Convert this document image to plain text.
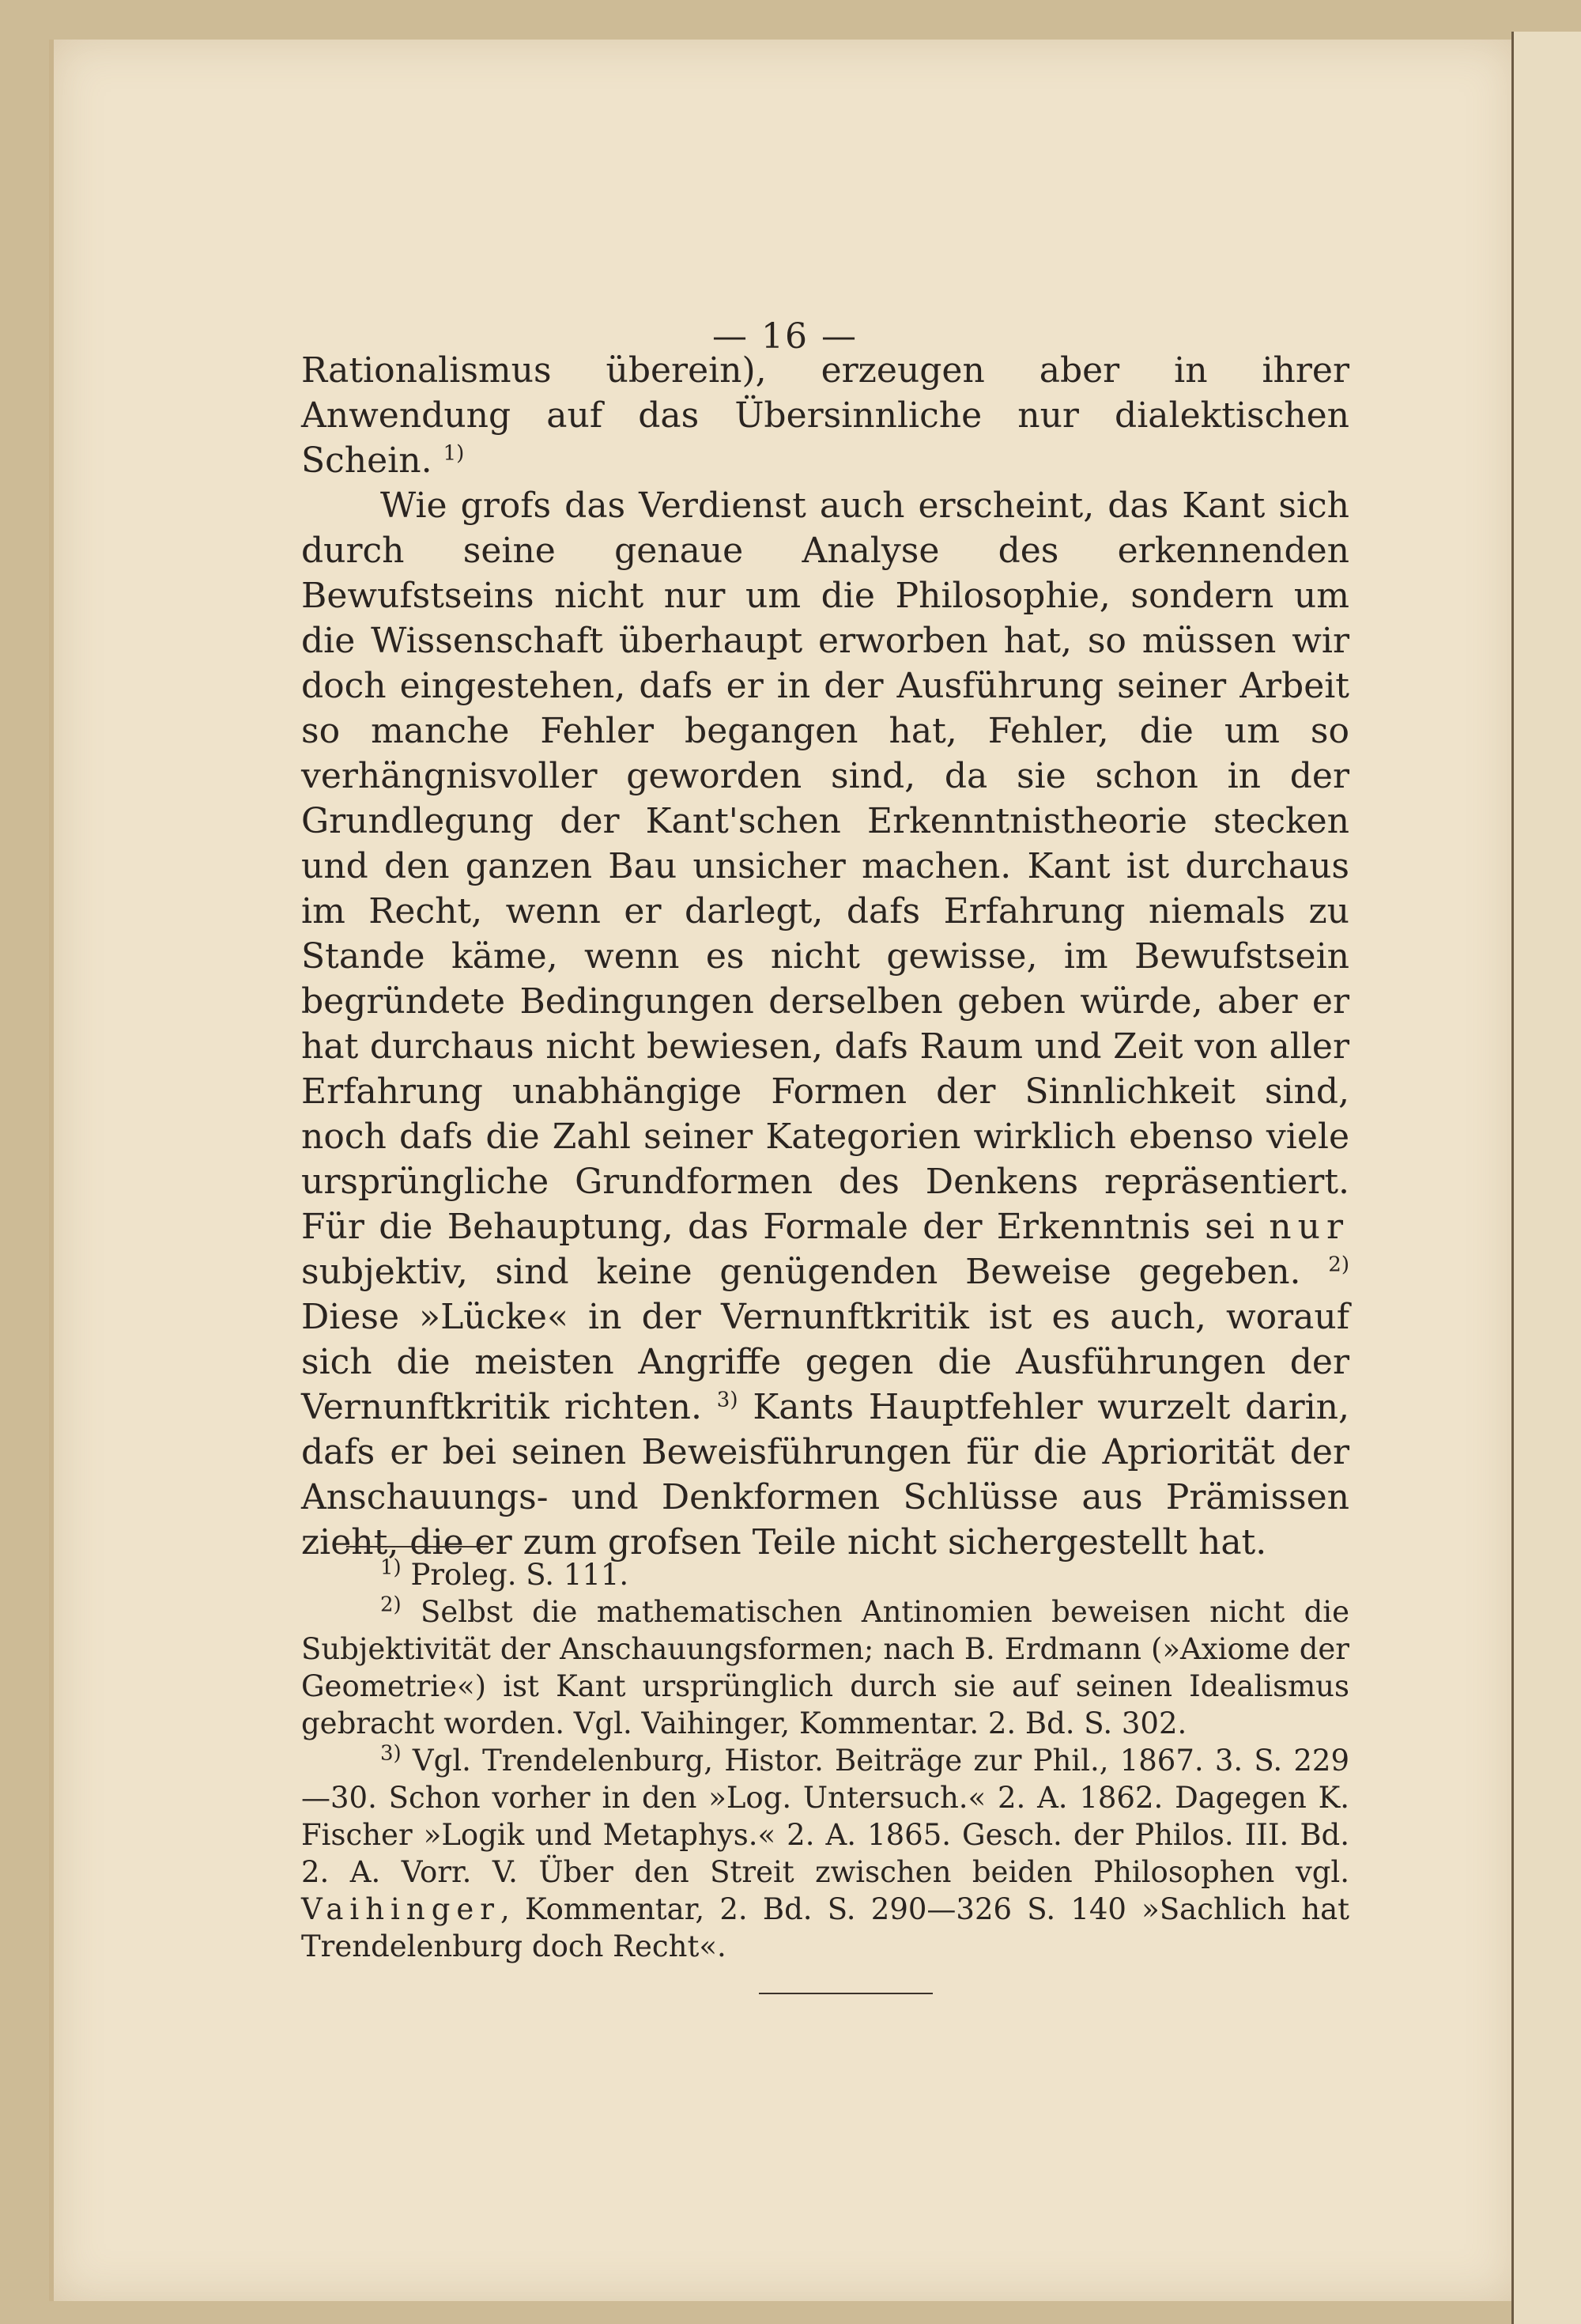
— 16 —

Rationalismus überein), erzeugen aber in ihrer Anwendung auf das Übersinnliche nur dialektischen Schein. $^{1)}$

Wie grofs das Verdienst auch erscheint, das Kant sich durch seine genaue Analyse des erkennenden Bewufstseins nicht nur um die Philosophie, sondern um die Wissenschaft überhaupt erworben hat, so müssen wir doch eingestehen, dafs er in der Ausführung seiner Arbeit so manche Fehler begangen hat, Fehler, die um so verhängnisvoller geworden sind, da sie schon in der Grundlegung der Kant'schen Erkenntnistheorie stecken und den ganzen Bau unsicher machen. Kant ist durchaus im Recht, wenn er darlegt, dafs Erfahrung niemals zu Stande käme, wenn es nicht gewisse, im Bewufstsein begründete Bedingungen derselben geben würde, aber er hat durchaus nicht bewiesen, dafs Raum und Zeit von aller Erfahrung unabhängige Formen der Sinnlichkeit sind, noch dafs die Zahl seiner Kategorien wirklich ebenso viele ursprüngliche Grundformen des Denkens repräsentiert. Für die Behauptung, das Formale der Erkenntnis sei nur subjektiv, sind keine genügenden Beweise gegeben. $^{2)}$ Diese »Lücke« in der Vernunftkritik ist es auch, worauf sich die meisten Angriffe gegen die Ausführungen der Vernunftkritik richten. $^{3)}$ Kants Hauptfehler wurzelt darin, dafs er bei seinen Beweisführungen für die Apriorität der Anschauungs- und Denkformen Schlüsse aus Prämissen zieht, die er zum grofsen Teile nicht sichergestellt hat.

$^{1)}$ Proleg. S. 111.

$^{2)}$ Selbst die mathematischen Antinomien beweisen nicht die Subjektivität der Anschauungsformen; nach B. Erdmann (»Axiome der Geometrie«) ist Kant ursprünglich durch sie auf seinen Idealismus gebracht worden. Vgl. Vaihinger, Kommentar. 2. Bd. S. 302.

$^{3)}$ Vgl. Trendelenburg, Histor. Beiträge zur Phil., 1867. 3. S. 229—30. Schon vorher in den »Log. Untersuch.« 2. A. 1862. Dagegen K. Fischer »Logik und Metaphys.« 2. A. 1865. Gesch. der Philos. III. Bd. 2. A. Vorr. V. Über den Streit zwischen beiden Philosophen vgl. Vaihinger, Kommentar, 2. Bd. S. 290—326 S. 140 »Sachlich hat Trendelenburg doch Recht«.
